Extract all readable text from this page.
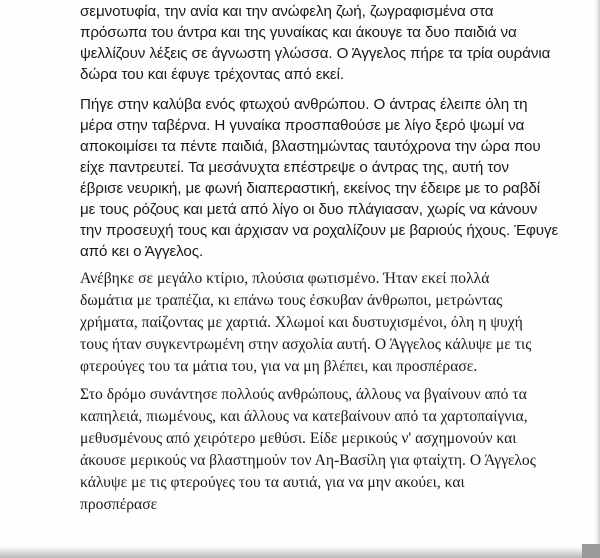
σεμνοτυφία, την ανία και την ανώφελη ζωή, ζωγραφισμένα στα
πρόσωπα του άντρα και της γυναίκας και άκουγε τα δυο παιδιά να
ψελλίζουν λέξεις σε άγνωστη γλώσσα. Ο Άγγελος πήρε τα τρία ουράνια
δώρα του και έφυγε τρέχοντας από εκεί.
Πήγε στην καλύβα ενός φτωχού ανθρώπου. Ο άντρας έλειπε όλη τη
μέρα στην ταβέρνα. Η γυναίκα προσπαθούσε με λίγο ξερό ψωμί να
αποκοιμίσει τα πέντε παιδιά, βλαστημώντας ταυτόχρονα την ώρα που
είχε παντρευτεί. Τα μεσάνυχτα επέστρεψε ο άντρας της, αυτή τον
έβρισε νευρική, με φωνή διαπεραστική, εκείνος την έδειρε με το ραβδί
με τους ρόζους και μετά από λίγο οι δυο πλάγιασαν, χωρίς να κάνουν
την προσευχή τους και άρχισαν να ροχαλίζουν με βαριούς ήχους. Έφυγε
από κει ο Άγγελος.
Ανέβηκε σε μεγάλο κτίριο, πλούσια φωτισμένο. Ήταν εκεί πολλά
δωμάτια με τραπέζια, κι επάνω τους έσκυβαν άνθρωποι, μετρώντας
χρήματα, παίζοντας με χαρτιά. Χλωμοί και δυστυχισμένοι, όλη η ψυχή
τους ήταν συγκεντρωμένη στην ασχολία αυτή. Ο Άγγελος κάλυψε με τις
φτερούγες του τα μάτια του, για να μη βλέπει, και προσπέρασε.
Στο δρόμο συνάντησε πολλούς ανθρώπους, άλλους να βγαίνουν από τα
καπηλειά, πιωμένους, και άλλους να κατεβαίνουν από τα χαρτοπαίγνια,
μεθυσμένους από χειρότερο μεθύσι. Είδε μερικούς ν' ασχημονούν και
άκουσε μερικούς να βλαστημούν τον Αη-Βασίλη για φταίχτη. Ο Άγγελος
κάλυψε με τις φτερούγες του τα αυτιά, για να μην ακούει, και
προσπέρασε
